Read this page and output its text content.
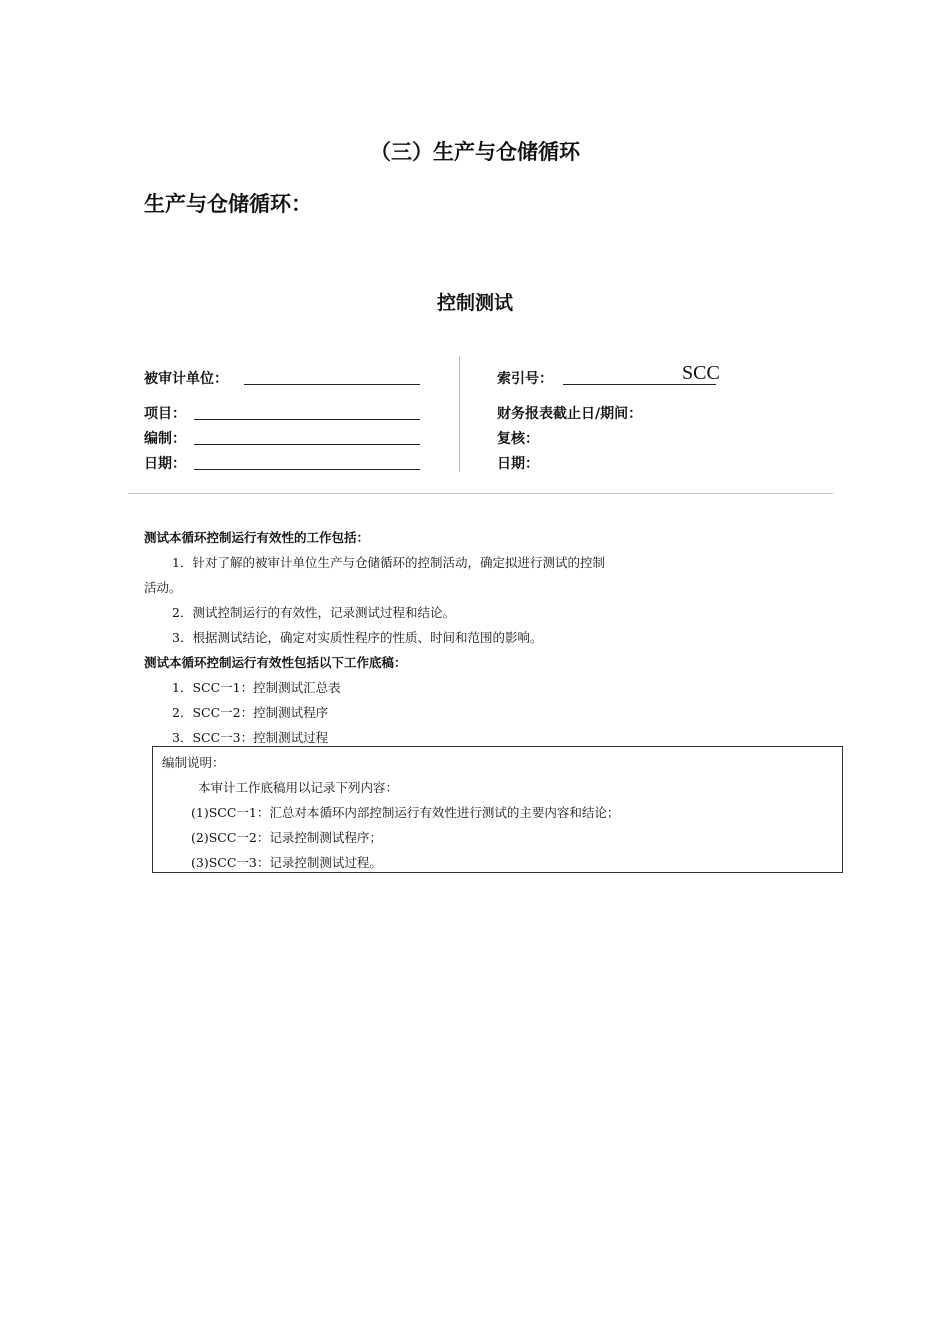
（三）生产与仓储循环
生产与仓储循环：
控制测试
被审计单位：
项目：
编制：
日期：
索引号：	SCC
财务报表截止日/期间：
复核：
日期：
测试本循环控制运行有效性的工作包括：
1．针对了解的被审计单位生产与仓储循环的控制活动，确定拟进行测试的控制
活动。
2．测试控制运行的有效性，记录测试过程和结论。
3．根据测试结论，确定对实质性程序的性质、时间和范围的影响。
测试本循环控制运行有效性包括以下工作底稿：
1．SCC一1：控制测试汇总表
2．SCC一2：控制测试程序
3．SCC一3：控制测试过程
编制说明：
本审计工作底稿用以记录下列内容：
(1)SCC一1：汇总对本循环内部控制运行有效性进行测试的主要内容和结论；
(2)SCC一2：记录控制测试程序；
(3)SCC一3：记录控制测试过程。
